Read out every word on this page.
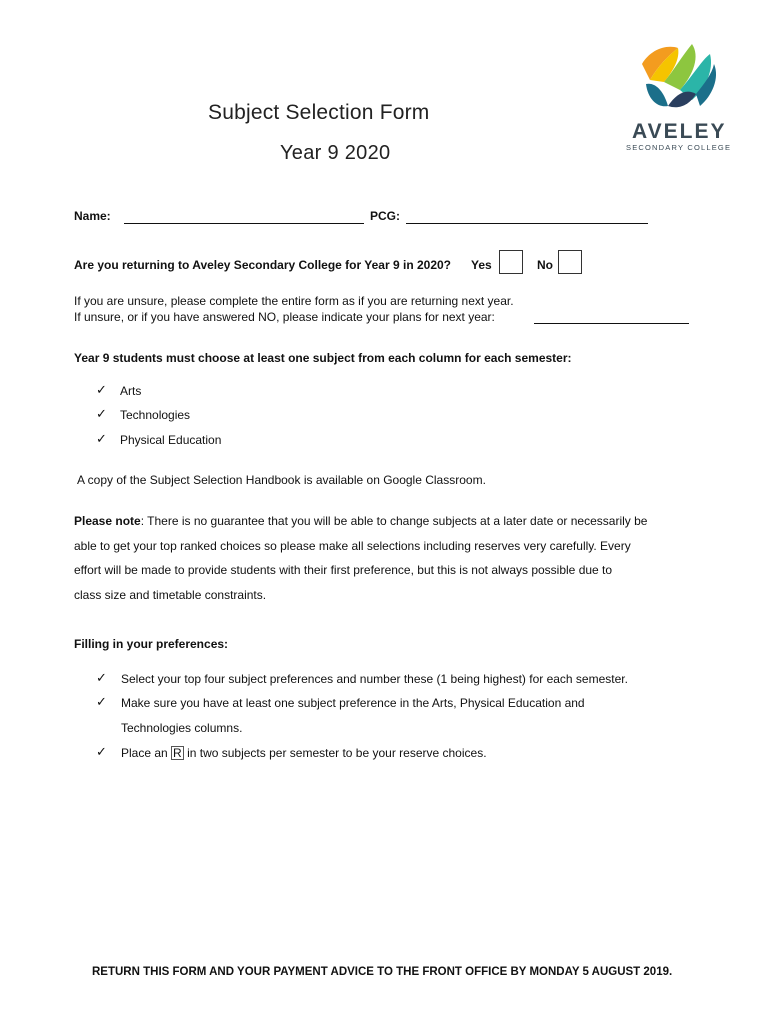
Subject Selection Form
Year 9 2020
AVELEY
SECONDARY COLLEGE
Name:	PCG:
Are you returning to Aveley Secondary College for Year 9 in 2020? Yes	No
If you are unsure, please complete the entire form as if you are returning next year.
If unsure, or if you have answered NO, please indicate your plans for next year:
Year 9 students must choose at least one subject from each column for each semester:
✓ Arts
✓ Technologies
✓ Physical Education
A copy of the Subject Selection Handbook is available on Google Classroom.
Please note: There is no guarantee that you will be able to change subjects at a later date or necessarily be
able to get your top ranked choices so please make all selections including reserves very carefully. Every
effort will be made to provide students with their first preference, but this is not always possible due to
class size and timetable constraints.
Filling in your preferences:
✓ Select your top four subject preferences and number these (1 being highest) for each semester.
✓ Make sure you have at least one subject preference in the Arts, Physical Education and
Technologies columns.
✓ Place an R in two subjects per semester to be your reserve choices.
RETURN THIS FORM AND YOUR PAYMENT ADVICE TO THE FRONT OFFICE BY MONDAY 5 AUGUST 2019.
